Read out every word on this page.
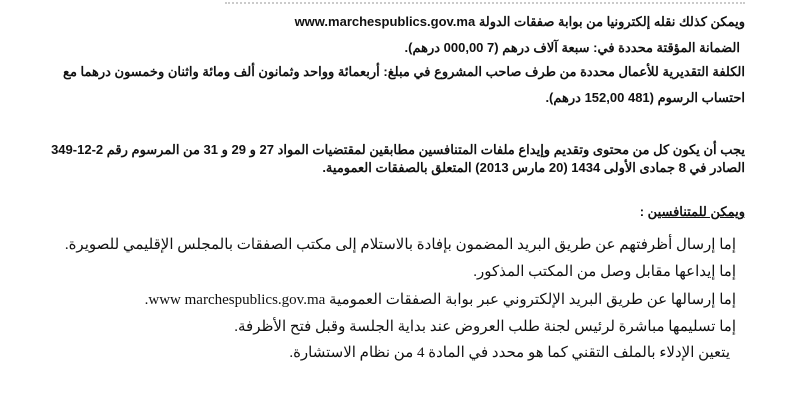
ويمكن كذلك نقله إلكترونيا من بوابة صفقات الدولة www.marchespublics.gov.ma
الضمانة المؤقتة محددة في: سبعة آلاف درهم (7 000,00 درهم).
الكلفة التقديرية للأعمال محددة من طرف صاحب المشروع في مبلغ: أربعمائة وواحد وثمانون ألف ومائة واثنان وخمسون درهما مع
احتساب الرسوم (481 152,00 درهم).
يجب أن يكون كل من محتوى وتقديم وإيداع ملفات المتنافسين مطابقين لمقتضيات المواد 27 و 29 و 31 من المرسوم رقم 2-12-349
الصادر في 8 جمادى الأولى 1434 (20 مارس 2013) المتعلق بالصفقات العمومية.
ويمكن للمتنافسين :
إما إرسال أظرفتهم عن طريق البريد المضمون بإفادة بالاستلام إلى مكتب الصفقات بالمجلس الإقليمي للصويرة.
إما إيداعها مقابل وصل من المكتب المذكور.
إما إرسالها عن طريق البريد الإلكتروني عبر بوابة الصفقات العمومية www marchespublics.gov.ma.
إما تسليمها مباشرة لرئيس لجنة طلب العروض عند بداية الجلسة وقبل فتح الأظرفة.
يتعين الإدلاء بالملف التقني كما هو محدد في المادة 4 من نظام الاستشارة.
